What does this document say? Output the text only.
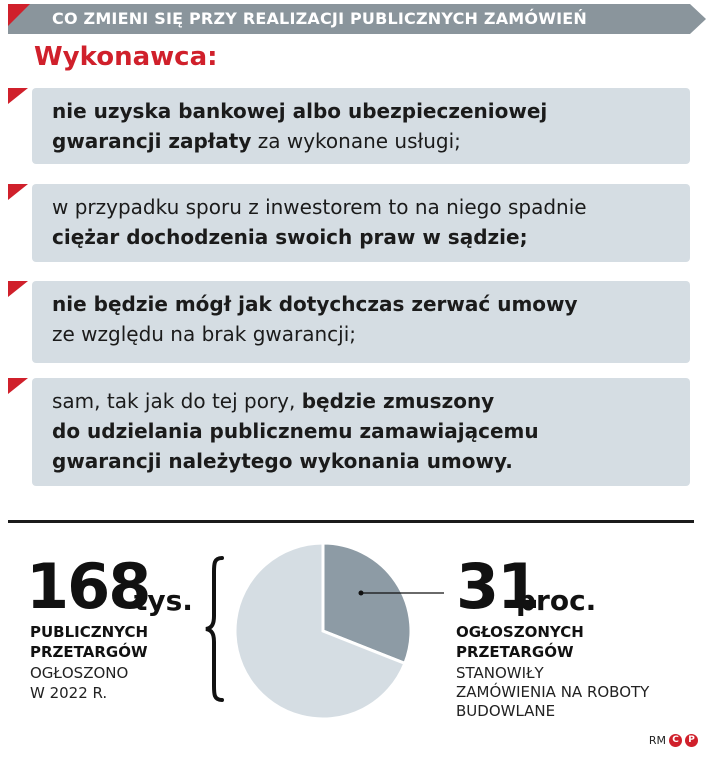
CO ZMIENI SIĘ PRZY REALIZACJI PUBLICZNYCH ZAMÓWIEŃ
Wykonawca:
nie uzyska bankowej albo ubezpieczeniowej
gwarancji zapłaty za wykonane usługi;
w przypadku sporu z inwestorem to na niego spadnie
ciężar dochodzenia swoich praw w sądzie;
nie będzie mógł jak dotychczas zerwać umowy
ze względu na brak gwarancji;
sam, tak jak do tej pory, będzie zmuszony
do udzielania publicznemu zamawiającemu
gwarancji należytego wykonania umowy.
168
tys.
PUBLICZNYCH
PRZETARGÓW
OGŁOSZONO
W 2022 R.
31
proc.
OGŁOSZONYCH
PRZETARGÓW
STANOWIŁY
ZAMÓWIENIA NA ROBOTY
BUDOWLANE
RM C	P
